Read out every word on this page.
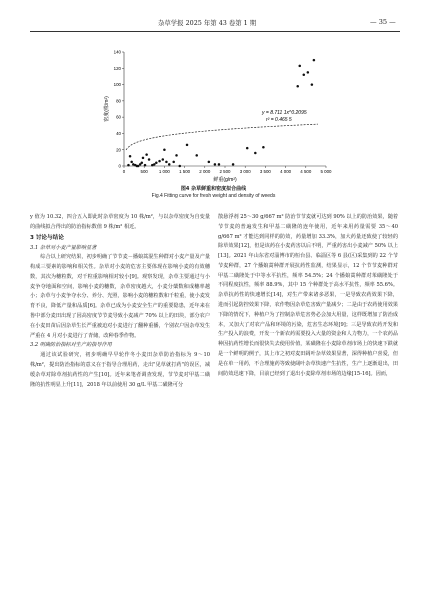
杂草学报 2025 年第 43 卷第 1 期	— 35 —
0	500	1 000 1 500 2 000 2 500 3 000 3 500 4 000 4 500 5 000
0
20
40
60
80
100
120
140
密度(株/m²)
鲜重(g/m²)
y = 8.711 1x^0.2095
r² = 0.465 5
图4 杂草鲜重和密度拟合曲线
Fig.4 Fitting curve for fresh weight and density of weeds

y 值为 10.32，四合五入即此时杂草密度为 10 株/m²，与以杂草密度为自变量的曲线拟合得出的防治指标数值 9 株/m² 相近。

3 讨论与结论
3.1 杂草对小麦产量影响显著

综合以上研究结果，初步明确了节节麦－播娘蒿混生种群对小麦产量及产量构成三要素的影响和相关性。杂草对小麦的危害主要体现在影响小麦的有效穗数，其次为穗粒数，对千粒重影响相对较小[9]。观察发现，杂草主要通过与小麦争夺地面和空间，影响小麦的穗数，杂草密度越大，小麦分蘖数和成穗率越小；杂草与小麦争夺水分、养分、光照，影响小麦的穗粒数和千粒重，使小麦发育不良，降低产量和品质[6]。杂草已成为小麦安全生产的重要隐患，近年来在鲁中部分麦田出现了因高密度节节麦导致小麦减产 70% 以上的田块，部分农户在小麦田苗后因杂草生长严重被迫对小麦进行了翻种重播，个别农户因杂草发生严重在 4 月对小麦进行了青储，改种春季作物。

3.2 明确防治指标对生产的指导作用

通过该试验研究，初步明确早早轮作冬小麦田杂草防治指标为 9～10 株/m²，提出防治指标的意义在于指导合理用药，走出"见草就打药"的误区，减缓杂草对除草剂抗药性的产生[10]。近年来笔者调查发现，节节麦对甲基二磺隆的抗性明显上升[11]，2018 年以前使用 30 g/L 甲基二磺隆可分

散悬浮剂 25～30 g/667 m² 防治节节麦就可达到 90% 以上的防治效果，随着节节麦的普遍发生和甲基二磺隆的连年使用，近年来用药量需要 35～40 g/667 m² 才能达到同样的防效，药量增加 33.3%，加大药量还致使了较轻的除草效果[12]，但是该药在小麦药害以后不明，严重药害出小麦减产 50% 以上[13]。2021 年山东省对淄博市的桓台县、临淄区等 6 县(区)采集到的 22 个节节麦种群，27 个播娘蒿种群开展抗药性监测，结果显示，12 个节节麦种群对甲基二磺隆处于中等水平抗性，频率 54.5%；24 个播娘蒿种群对苯磺隆处于不同程度抗性，频率 88.9%，其中 15 个种群处于高水平抗性，频率 55.6%。杂草抗药性的快速增长[14]，对生产带来诸多恶果，一是导致农药效果下降，进而引起防控效果下降，农作物因杂草危害致产量减少；二是由于农药使用效果下降的情况下，种植户为了控制杂草危害势必会加大用量，这样既增加了防治成本，又加大了对农产品和环境的污染，危害生态环境[9]；三是导致农药开发和生产投入的浪费，开发一个新农药需要投入大量的资金和人力物力，一个农药品种因抗药性增长而很快失去使用价值，某磺隆在小麦除草剂市场上的快速下跌就是一个鲜明的例子，其上市之初对麦田阔叶杂草效果显著，深得种植户喜爱，但是在单一用药，不合理施药等致使阔叶杂草快速产生抗性，生产上逐渐退出，田间防效迅速下降，目前已经到了退出小麦除草剂市场的边缘[15-16]。因而，
